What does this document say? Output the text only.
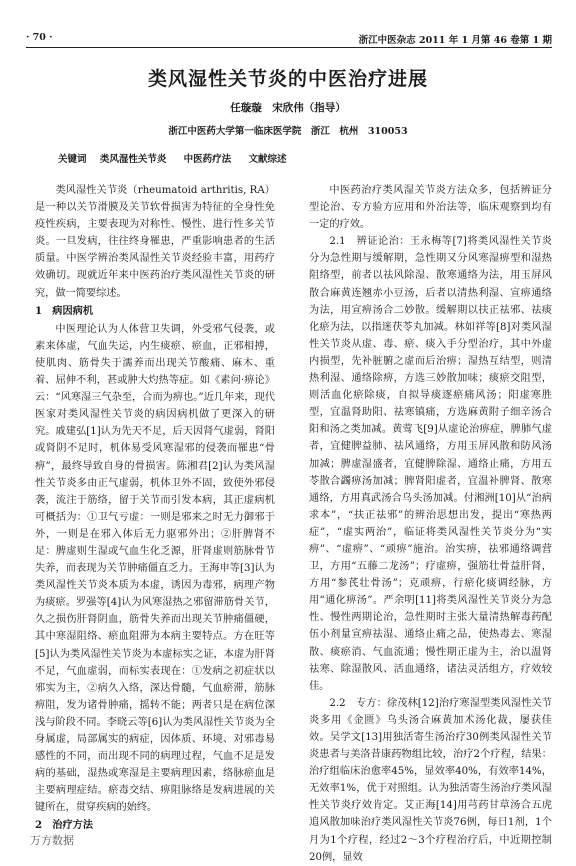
· 70 ·	浙江中医杂志 2011 年 1 月第 46 卷第 1 期
类风湿性关节炎的中医治疗进展
任璇璇　宋欣伟（指导）
浙江中医药大学第一临床医学院　浙江　杭州　310053
关键词 类风湿性关节炎 中医药疗法 文献综述

类风湿性关节炎（rheumatoid arthritis, RA）是一种以关节滑膜及关节软骨损害为特征的全身性免疫性疾病，主要表现为对称性、慢性、进行性多关节炎。一旦发病，往往终身罹患，严重影响患者的生活质量。中医学辨治类风湿性关节炎经验丰富，用药疗效确切。现就近年来中医药治疗类风湿性关节炎的研究，做一简要综述。

1　病因病机

中医理论认为人体营卫失调，外受邪气侵袭，或素来体虚，气血失运，内生痰瘀、瘀血，正邪相搏，使肌肉、筋骨失于濡养而出现关节酸痛、麻木、重着、屈伸不利，甚或肿大灼热等症。如《素问·痹论》云：“风寒湿三气杂至，合而为痹也。”近几年来，现代医家对类风湿性关节炎的病因病机做了更深入的研究。戚建弘[1]认为先天不足，后天因肾气虚弱，肾阳或肾阴不足时，机体易受风寒湿邪的侵袭而罹患“骨痹”，最终导致自身的骨损害。陈湘君[2]认为类风湿性关节炎多由正气虚弱，机体卫外不固，致使外邪侵袭，流注于筋络，留于关节而引发本病，其正虚病机可概括为：①卫气亏虚：一则是邪来之时无力御邪于外，一则是在邪入体后无力驱邪外出；②肝脾肾不足：脾虚则生湿或气血生化乏源，肝肾虚则筋脉骨节失养，而表现为关节肿痛僵直乏力。王海申等[3]认为类风湿性关节炎本质为本虚，诱因为毒邪，病理产物为痰瘀。罗强等[4]认为风寒湿热之邪留滞筋骨关节，久之损伤肝肾阴血，筋骨失养而出现关节肿痛僵硬，其中寒湿阻络、瘀血阻滞为本病主要特点。方在旺等[5]认为类风湿性关节炎为本虚标实之证，本虚为肝肾不足，气血虚弱，而标实表现在：①发病之初症状以邪实为主，②病久入络，深达骨髓，气血瘀滞，筋脉痹阻，发为诸骨肿痛，摇转不能；两者只是在病位深浅与阶段不同。李晓云等[6]认为类风湿性关节炎为全身属虚，局部属实的病症，因体质、环境、对邪毒易感性的不同，而出现不同的病理过程，气血不足是发病的基础，湿热或寒湿是主要病理因素，络脉瘀血是主要病理症结。瘀毒交结、痹阻脉络是发病进展的关键所在，贯穿疾病的始终。

2　治疗方法

中医药治疗类风湿关节炎方法众多，包括辨证分型论治、专方验方应用和外治法等，临床观察到均有一定的疗效。

2.1　辨证论治：王永梅等[7]将类风湿性关节炎分为急性期与缓解期，急性期又分风寒湿痹型和湿热阻络型，前者以祛风除湿、散寒通络为法，用玉屏风散合麻黄连翘赤小豆汤，后者以清热利湿、宣痹通络为法，用宣痹汤合二妙散。缓解期以扶正祛邪、祛痰化瘀为法，以指迷茯苓丸加减。林如祥等[8]对类风湿性关节炎从虚、毒、瘀、痰入手分型治疗，其中外虚内损型，先补脏腑之虚而后治痹；湿热互结型，则清热利湿、通络除痹，方选三妙散加味；痰瘀交阻型，则活血化瘀除痰，自拟导痰逐瘀痛风汤；阳虚寒胜型，宜温肾助阳、祛寒镇痛，方选麻黄附子细辛汤合阳和汤之类加减。黄莺飞[9]从虚论治痹症，脾肺气虚者，宜健脾益肺、祛风通络，方用玉屏风散和防风汤加减；脾虚湿盛者，宜健脾除湿、通络止痛，方用五苓散合蠲痹汤加减；脾肾阳虚者，宜温补脾肾、散寒通络，方用真武汤合乌头汤加减。付湘洲[10]从“治病求本”，“扶正祛邪”的辨治思想出发，提出“寒热两症”，“虚实两治”，临证将类风湿性关节炎分为“实痹”、“虚痹”、“顽痹”施治。治实痹，祛邪通络调营卫，方用“五藤二龙汤”；疗虚痹，强筋壮骨益肝肾，方用“参芪壮骨汤”；克顽痹，行瘀化痰调经脉，方用“通化痹汤”。严余明[11]将类风湿性关节炎分为急性、慢性两期论治，急性期时主张大量清热解毒药配伍小剂量宣痹祛湿、通络止痛之品，使热毒去、寒湿散、痰瘀消、气血流通；慢性期正虚为主，治以温肾祛寒、除湿散风、活血通络，诸法灵活组方，疗效较佳。

2.2　专方：徐茂林[12]治疗寒湿型类风湿性关节炎多用《金匮》乌头汤合麻黄加术汤化裁，屡获佳效。吴学文[13]用独活寄生汤治疗30例类风湿性关节炎患者与美洛昔康药物组比较，治疗2个疗程，结果：治疗组临床治愈率45%，显效率40%，有效率14%，无效率1%，优于对照组。认为独活寄生汤治疗类风湿性关节炎疗效肯定。艾正海[14]用芎药甘草汤合五虎追风散加味治疗类风湿性关节炎76例，每日1剂，1个月为1个疗程，经过2～3个疗程治疗后，中近期控制20例，显效

万方数据
